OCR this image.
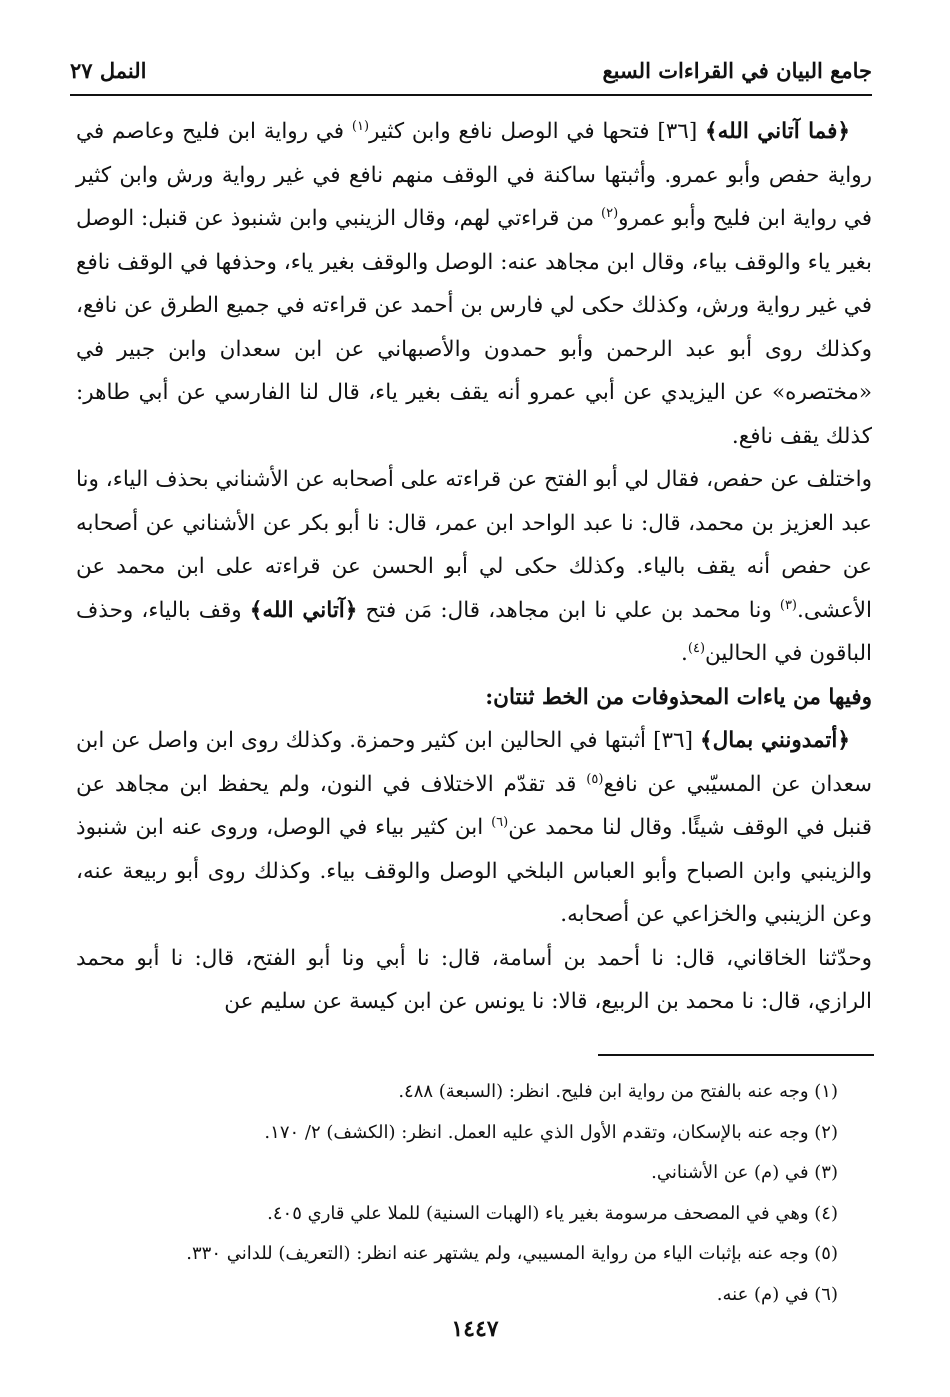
جامع البيان في القراءات السبع
النمل ٢٧

﴿فما آتاني الله﴾ [٣٦] فتحها في الوصل نافع وابن كثير$^{(١)}$ في رواية ابن فليح وعاصم في رواية حفص وأبو عمرو. وأثبتها ساكنة في الوقف منهم نافع في غير رواية ورش وابن كثير في رواية ابن فليح وأبو عمرو$^{(٢)}$ من قراءتي لهم، وقال الزينبي وابن شنبوذ عن قنبل: الوصل بغير ياء والوقف بياء، وقال ابن مجاهد عنه: الوصل والوقف بغير ياء، وحذفها في الوقف نافع في غير رواية ورش، وكذلك حكى لي فارس بن أحمد عن قراءته في جميع الطرق عن نافع، وكذلك روى أبو عبد الرحمن وأبو حمدون والأصبهاني عن ابن سعدان وابن جبير في «مختصره» عن اليزيدي عن أبي عمرو أنه يقف بغير ياء، قال لنا الفارسي عن أبي طاهر: كذلك يقف نافع.

واختلف عن حفص، فقال لي أبو الفتح عن قراءته على أصحابه عن الأشناني بحذف الياء، ونا عبد العزيز بن محمد، قال: نا عبد الواحد ابن عمر، قال: نا أبو بكر عن الأشناني عن أصحابه عن حفص أنه يقف بالياء. وكذلك حكى لي أبو الحسن عن قراءته على ابن محمد عن الأعشى.$^{(٣)}$ ونا محمد بن علي نا ابن مجاهد، قال: مَن فتح ﴿آتاني الله﴾ وقف بالياء، وحذف الباقون في الحالين$^{(٤)}$.

وفيها من ياءات المحذوفات من الخط ثنتان:

﴿أتمدونني بمال﴾ [٣٦] أثبتها في الحالين ابن كثير وحمزة. وكذلك روى ابن واصل عن ابن سعدان عن المسيّبي عن نافع$^{(٥)}$ قد تقدّم الاختلاف في النون، ولم يحفظ ابن مجاهد عن قنبل في الوقف شيئًا. وقال لنا محمد عن$^{(٦)}$ ابن كثير بياء في الوصل، وروى عنه ابن شنبوذ والزينبي وابن الصباح وأبو العباس البلخي الوصل والوقف بياء. وكذلك روى أبو ربيعة عنه، وعن الزينبي والخزاعي عن أصحابه.

وحدّثنا الخاقاني، قال: نا أحمد بن أسامة، قال: نا أبي ونا أبو الفتح، قال: نا أبو محمد الرازي، قال: نا محمد بن الربيع، قالا: نا يونس عن ابن كيسة عن سليم عن

(١) وجه عنه بالفتح من رواية ابن فليح. انظر: (السبعة) ٤٨٨.

(٢) وجه عنه بالإسكان، وتقدم الأول الذي عليه العمل. انظر: (الكشف) ٢/ ١٧٠.

(٣) في (م) عن الأشناني.

(٤) وهي في المصحف مرسومة بغير ياء (الهبات السنية) للملا علي قاري ٤٠٥.

(٥) وجه عنه بإثبات الياء من رواية المسيبي، ولم يشتهر عنه انظر: (التعريف) للداني ٣٣٠.

(٦) في (م) عنه.

١٤٤٧
